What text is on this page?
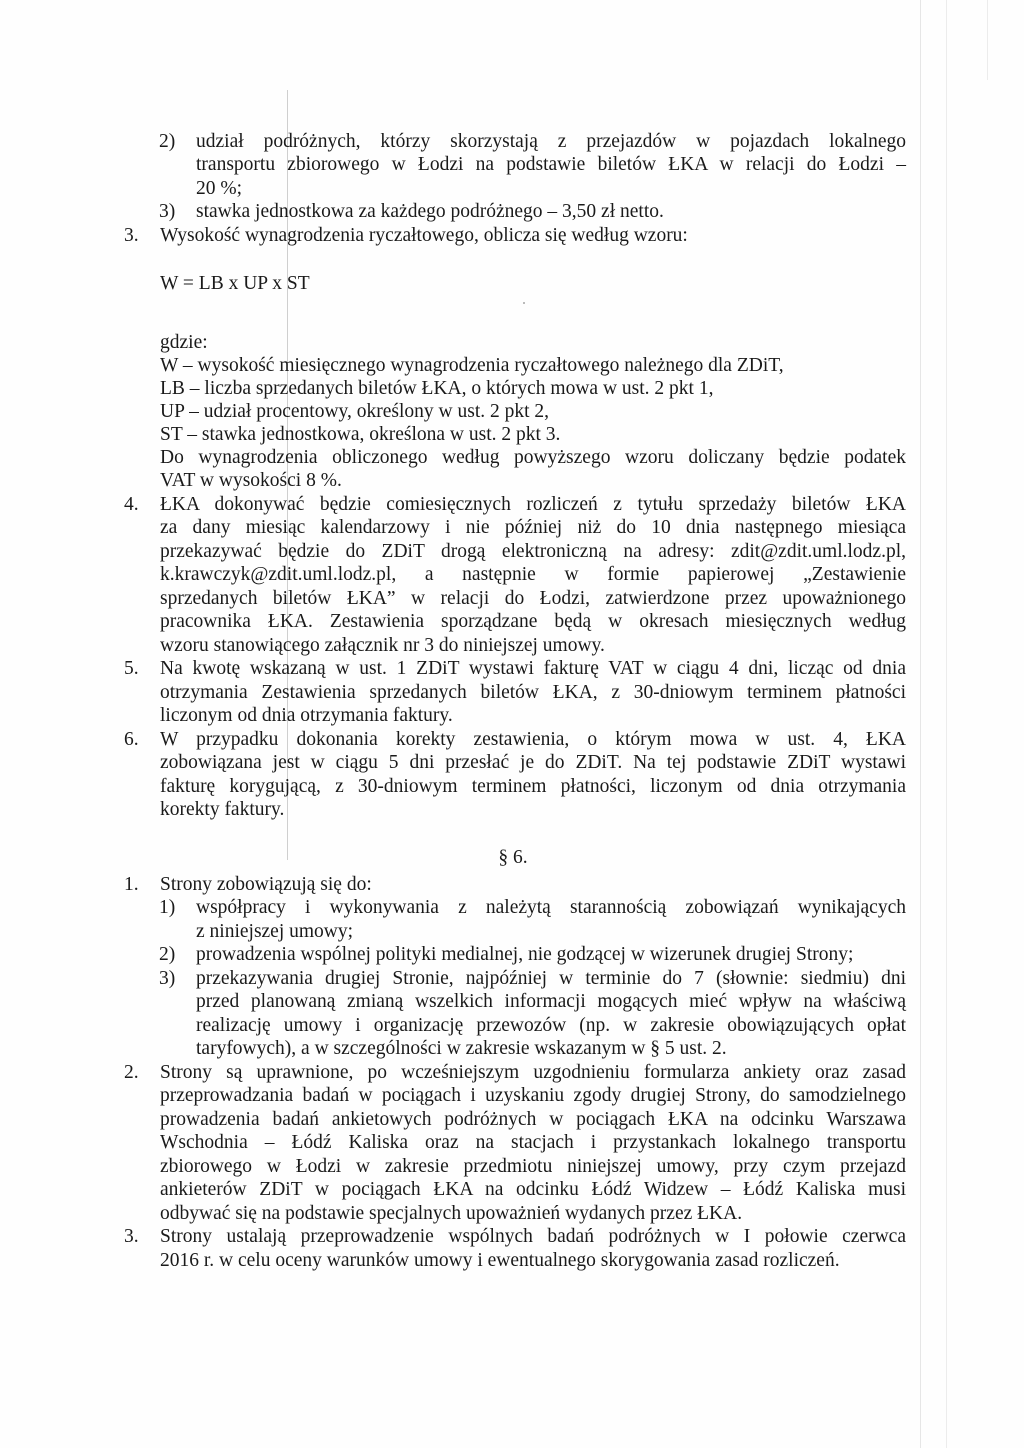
2) udział podróżnych, którzy skorzystają z przejazdów w pojazdach lokalnego
transportu zbiorowego w Łodzi na podstawie biletów ŁKA w relacji do Łodzi –
20 %;
3) stawka jednostkowa za każdego podróżnego – 3,50 zł netto.
3. Wysokość wynagrodzenia ryczałtowego, oblicza się według wzoru:
W = LB x UP x ST
gdzie:
W – wysokość miesięcznego wynagrodzenia ryczałtowego należnego dla ZDiT,
LB – liczba sprzedanych biletów ŁKA, o których mowa w ust. 2 pkt 1,
UP – udział procentowy, określony w ust. 2 pkt 2,
ST – stawka jednostkowa, określona w ust. 2 pkt 3.
Do wynagrodzenia obliczonego według powyższego wzoru doliczany będzie podatek
VAT w wysokości 8 %.
4. ŁKA dokonywać będzie comiesięcznych rozliczeń z tytułu sprzedaży biletów ŁKA
za dany miesiąc kalendarzowy i nie później niż do 10 dnia następnego miesiąca
przekazywać będzie do ZDiT drogą elektroniczną na adresy: zdit@zdit.uml.lodz.pl,
k.krawczyk@zdit.uml.lodz.pl, a następnie w formie papierowej „Zestawienie
sprzedanych biletów ŁKA” w relacji do Łodzi, zatwierdzone przez upoważnionego
pracownika ŁKA. Zestawienia sporządzane będą w okresach miesięcznych według
wzoru stanowiącego załącznik nr 3 do niniejszej umowy.
5. Na kwotę wskazaną w ust. 1 ZDiT wystawi fakturę VAT w ciągu 4 dni, licząc od dnia
otrzymania Zestawienia sprzedanych biletów ŁKA, z 30-dniowym terminem płatności
liczonym od dnia otrzymania faktury.
6. W przypadku dokonania korekty zestawienia, o którym mowa w ust. 4, ŁKA
zobowiązana jest w ciągu 5 dni przesłać je do ZDiT. Na tej podstawie ZDiT wystawi
fakturę korygującą, z 30-dniowym terminem płatności, liczonym od dnia otrzymania
korekty faktury.
§ 6.
1. Strony zobowiązują się do:
1) współpracy i wykonywania z należytą starannością zobowiązań wynikających
z niniejszej umowy;
2) prowadzenia wspólnej polityki medialnej, nie godzącej w wizerunek drugiej Strony;
3) przekazywania drugiej Stronie, najpóźniej w terminie do 7 (słownie: siedmiu) dni
przed planowaną zmianą wszelkich informacji mogących mieć wpływ na właściwą
realizację umowy i organizację przewozów (np. w zakresie obowiązujących opłat
taryfowych), a w szczególności w zakresie wskazanym w § 5 ust. 2.
2. Strony są uprawnione, po wcześniejszym uzgodnieniu formularza ankiety oraz zasad
przeprowadzania badań w pociągach i uzyskaniu zgody drugiej Strony, do samodzielnego
prowadzenia badań ankietowych podróżnych w pociągach ŁKA na odcinku Warszawa
Wschodnia – Łódź Kaliska oraz na stacjach i przystankach lokalnego transportu
zbiorowego w Łodzi w zakresie przedmiotu niniejszej umowy, przy czym przejazd
ankieterów ZDiT w pociągach ŁKA na odcinku Łódź Widzew – Łódź Kaliska musi
odbywać się na podstawie specjalnych upoważnień wydanych przez ŁKA.
3. Strony ustalają przeprowadzenie wspólnych badań podróżnych w I połowie czerwca
2016 r. w celu oceny warunków umowy i ewentualnego skorygowania zasad rozliczeń.
